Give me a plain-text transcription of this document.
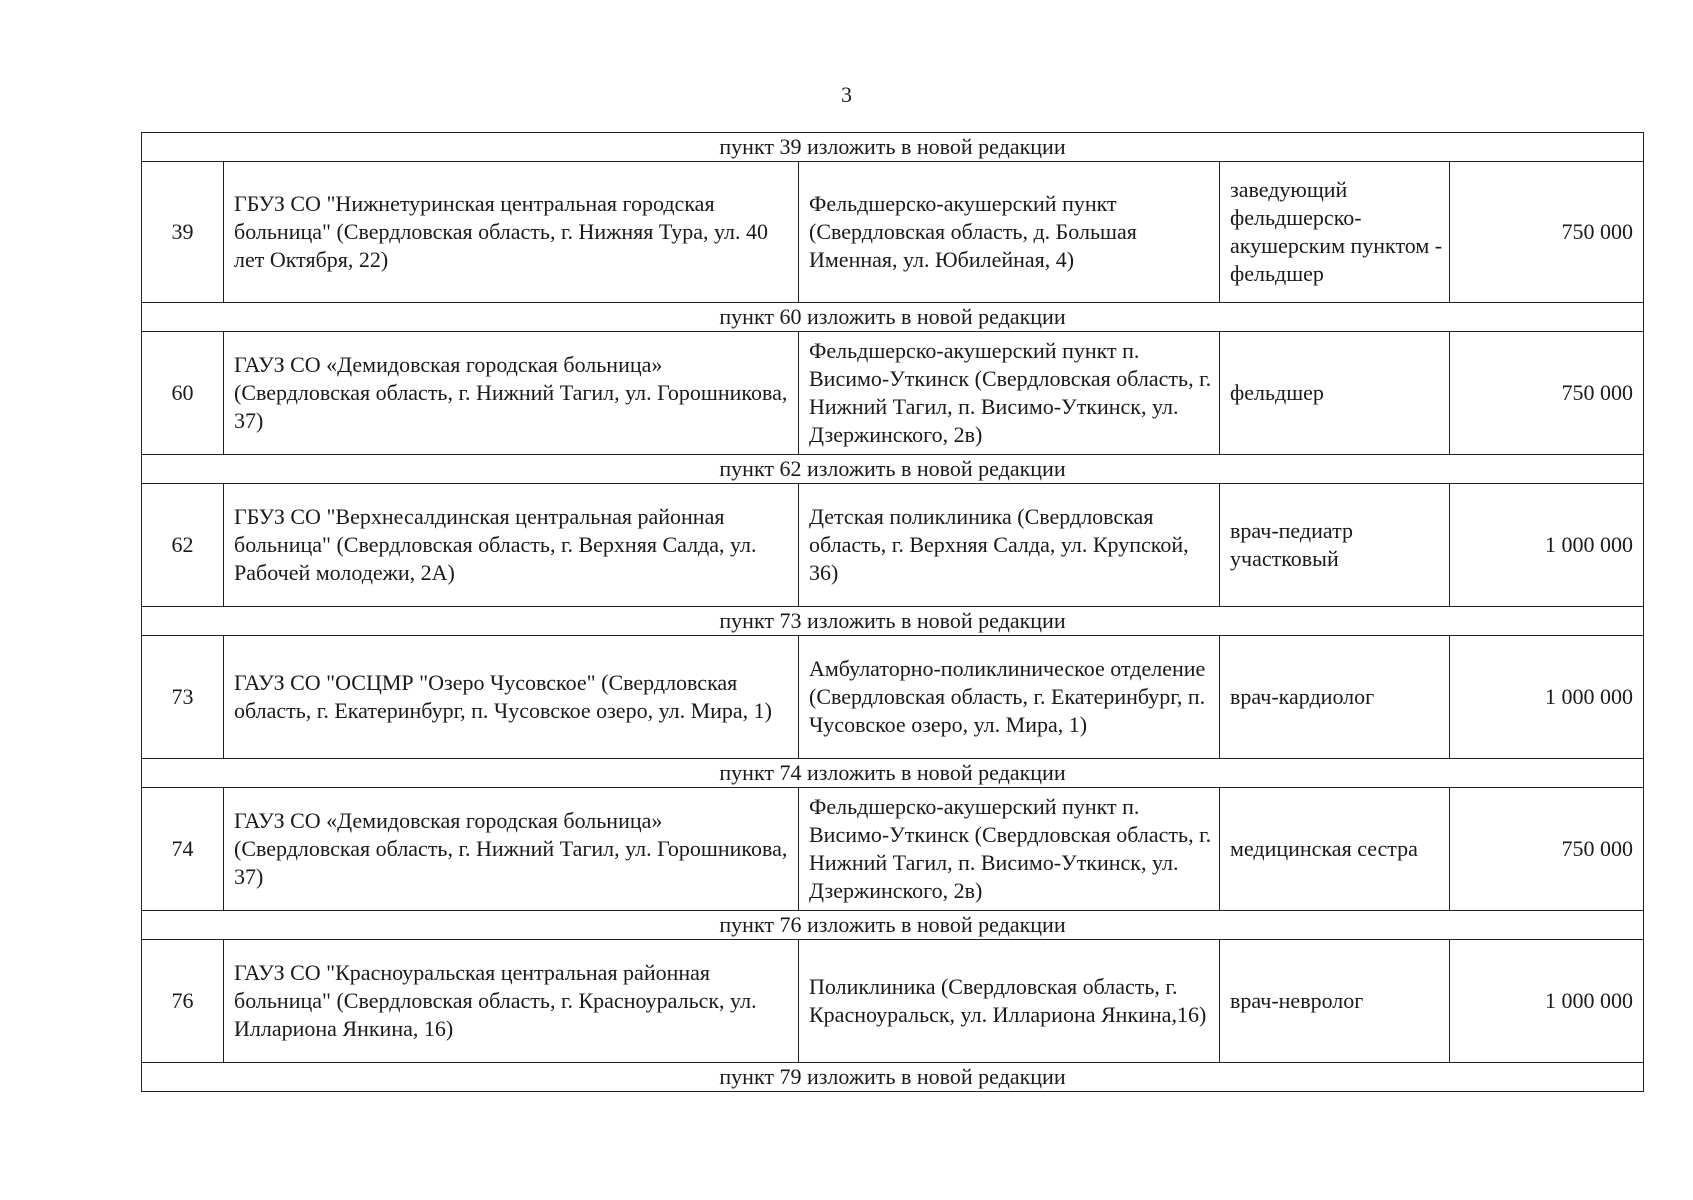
3
пункт 39 изложить в новой редакции				
39	ГБУЗ СО "Нижнетуринская центральная городская больница" (Свердловская область, г. Нижняя Тура, ул. 40 лет Октября, 22)	Фельдшерско-акушерский пункт (Свердловская область, д. Большая Именная, ул. Юбилейная, 4)	заведующий фельдшерско-акушерским пунктом - фельдшер	750 000
пункт 60 изложить в новой редакции				
60	ГАУЗ СО «Демидовская городская больница» (Свердловская область, г. Нижний Тагил, ул. Горошникова, 37)	Фельдшерско-акушерский пункт п. Висимо-Уткинск (Свердловская область, г. Нижний Тагил, п. Висимо-Уткинск, ул. Дзержинского, 2в)	фельдшер	750 000
пункт 62 изложить в новой редакции				
62	ГБУЗ СО "Верхнесалдинская центральная районная больница" (Свердловская область, г. Верхняя Салда, ул. Рабочей молодежи, 2А)	Детская поликлиника (Свердловская область, г. Верхняя Салда, ул. Крупской, 36)	врач-педиатр участковый	1 000 000
пункт 73 изложить в новой редакции				
73	ГАУЗ СО "ОСЦМР "Озеро Чусовское" (Свердловская область, г. Екатеринбург, п. Чусовское озеро, ул. Мира, 1)	Амбулаторно-поликлиническое отделение (Свердловская область, г. Екатеринбург, п. Чусовское озеро, ул. Мира, 1)	врач-кардиолог	1 000 000
пункт 74 изложить в новой редакции				
74	ГАУЗ СО «Демидовская городская больница» (Свердловская область, г. Нижний Тагил, ул. Горошникова, 37)	Фельдшерско-акушерский пункт п. Висимо-Уткинск (Свердловская область, г. Нижний Тагил, п. Висимо-Уткинск, ул. Дзержинского, 2в)	медицинская сестра	750 000
пункт 76 изложить в новой редакции				
76	ГАУЗ СО "Красноуральская центральная районная больница" (Свердловская область, г. Красноуральск, ул. Иллариона Янкина, 16)	Поликлиника (Свердловская область, г. Красноуральск, ул. Иллариона Янкина,16)	врач-невролог	1 000 000
пункт 79 изложить в новой редакции				
